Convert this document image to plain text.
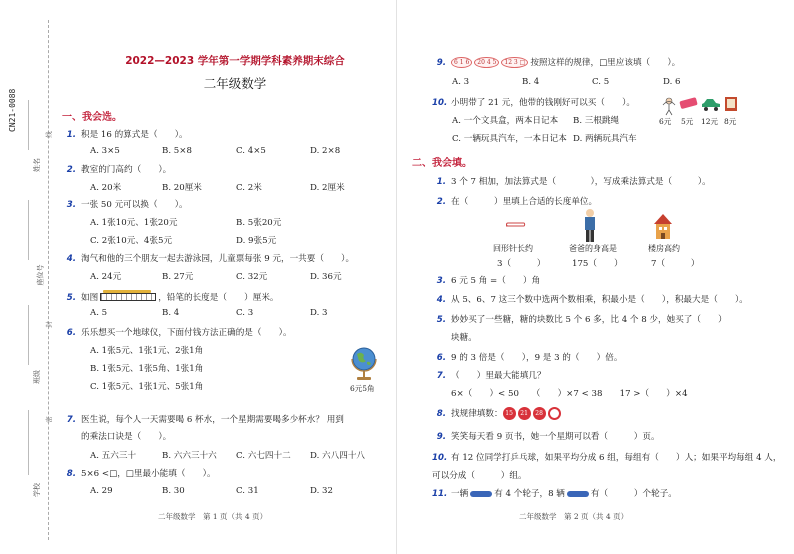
CN21-0088
姓名
座位号
班级
学校
线
封
密
2022—2023 学年第一学期学科素养期末综合
二年级数学
一、我会选。
1. 积是 16 的算式是（　　）。
A. 3×5	B. 5×8	C. 4×5	D. 2×8
2. 教室的门高约（　　）。
A. 20米	B. 20厘米	C. 2米	D. 2厘米
3. 一张 50 元可以换（　　）。
A. 1张10元、1张20元	B. 5张20元
C. 2张10元、4张5元	D. 9张5元
4. 淘气和他的三个朋友一起去游泳园，儿童票每张 9 元，一共要（　　）。
A. 24元	B. 27元	C. 32元	D. 36元
5. 如图	，铅笔的长度是（　　）厘米。
A. 5	B. 4	C. 3	D. 3
6. 乐乐想买一个地球仪，下面付钱方法正确的是（　　）。
A. 1张5元、1张1元、2张1角
B. 1张5元、1张5角、1张1角
C. 1张5元、1张1元、5张1角	6元5角
7. 医生说，每个人一天需要喝 6 杯水，一个星期需要喝多少杯水？ 用到
的乘法口诀是（　　）。
A. 五六三十	B. 六六三十六 C. 六七四十二 D. 六八四十八
8. 5×6 <□，□里最小能填（　　）。
A. 29	B. 30	C. 31	D. 32
二年级数学　第 1 页（共 4 页）
9. 6 1 6 20 4 5 12 3 □ 按照这样的规律，□里应该填（　　）。
A. 3	B. 4	C. 5	D. 6
10. 小明带了 21 元，他带的钱刚好可以买（　　）。
A. 一个文具盒，两本日记本 B. 三根跳绳
C. 一辆玩具汽车，一本日记本 D. 两辆玩具汽车
6元 5元 12元 8元
二、我会填。
1. 3 个 7 相加，加法算式是（　　　　），写成乘法算式是（　　　）。
2. 在（　　　）里填上合适的长度单位。
回形针长约	爸爸的身高是	楼房高约
3（　　　）	175（　　）	7（　　　）
3. 6 元 5 角 =（　　）角
4. 从 5、6、7 这三个数中选两个数相乘，积最小是（　　），积最大是（　　）。
5. 妙妙买了一些糖，糖的块数比 5 个 6 多，比 4 个 8 少，她买了（　　）
块糖。
6. 9 的 3 倍是（　　），9 是 3 的（　　）倍。
7. （　　）里最大能填几？
6×（　　）< 50　　（　　）×7 < 38　　17 >（　　）×4
8. 找规律填数： 15 21 28
9. 笑笑每天看 9 页书，她一个星期可以看（　　　）页。
10. 有 12 位同学打乒乓球，如果平均分成 6 组，每组有（　　）人；如果平均每组 4 人，可以分成（　　　）组。
11. 一辆	有 4 个轮子，8 辆	有（　　　）个轮子。
二年级数学　第 2 页（共 4 页）
